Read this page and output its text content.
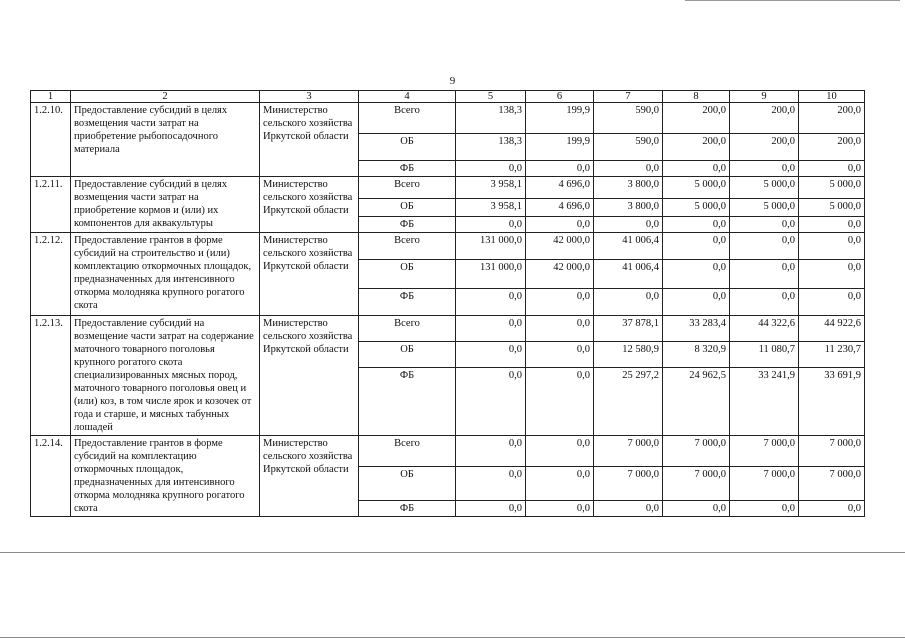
9
1	2	3	4	5	6	7	8	9	10
1.2.10.	Предоставление субсидий в целях возмещения части затрат на приобретение рыбопосадочного материала	Министерство сельского хозяйства Иркутской области	Всего	138,3	199,9	590,0	200,0	200,0	200,0
			ОБ	138,3	199,9	590,0	200,0	200,0	200,0
			ФБ	0,0	0,0	0,0	0,0	0,0	0,0
1.2.11.	Предоставление субсидий в целях возмещения части затрат на приобретение кормов и (или) их компонентов для аквакультуры	Министерство сельского хозяйства Иркутской области	Всего	3 958,1	4 696,0	3 800,0	5 000,0	5 000,0	5 000,0
			ОБ	3 958,1	4 696,0	3 800,0	5 000,0	5 000,0	5 000,0
			ФБ	0,0	0,0	0,0	0,0	0,0	0,0
1.2.12.	Предоставление грантов в форме субсидий на строительство и (или) комплектацию откормочных площадок, предназначенных для интенсивного откорма молодняка крупного рогатого скота	Министерство сельского хозяйства Иркутской области	Всего	131 000,0	42 000,0	41 006,4	0,0	0,0	0,0
			ОБ	131 000,0	42 000,0	41 006,4	0,0	0,0	0,0
			ФБ	0,0	0,0	0,0	0,0	0,0	0,0
1.2.13.	Предоставление субсидий на возмещение части затрат на содержание маточного товарного поголовья крупного рогатого скота специализированных мясных пород, маточного товарного поголовья овец и (или) коз, в том числе ярок и козочек от года и старше, и мясных табунных лошадей	Министерство сельского хозяйства Иркутской области	Всего	0,0	0,0	37 878,1	33 283,4	44 322,6	44 922,6
			ОБ	0,0	0,0	12 580,9	8 320,9	11 080,7	11 230,7
			ФБ	0,0	0,0	25 297,2	24 962,5	33 241,9	33 691,9
1.2.14.	Предоставление грантов в форме субсидий на комплектацию откормочных площадок, предназначенных для интенсивного откорма молодняка крупного рогатого скота	Министерство сельского хозяйства Иркутской области	Всего	0,0	0,0	7 000,0	7 000,0	7 000,0	7 000,0
			ОБ	0,0	0,0	7 000,0	7 000,0	7 000,0	7 000,0
			ФБ	0,0	0,0	0,0	0,0	0,0	0,0
